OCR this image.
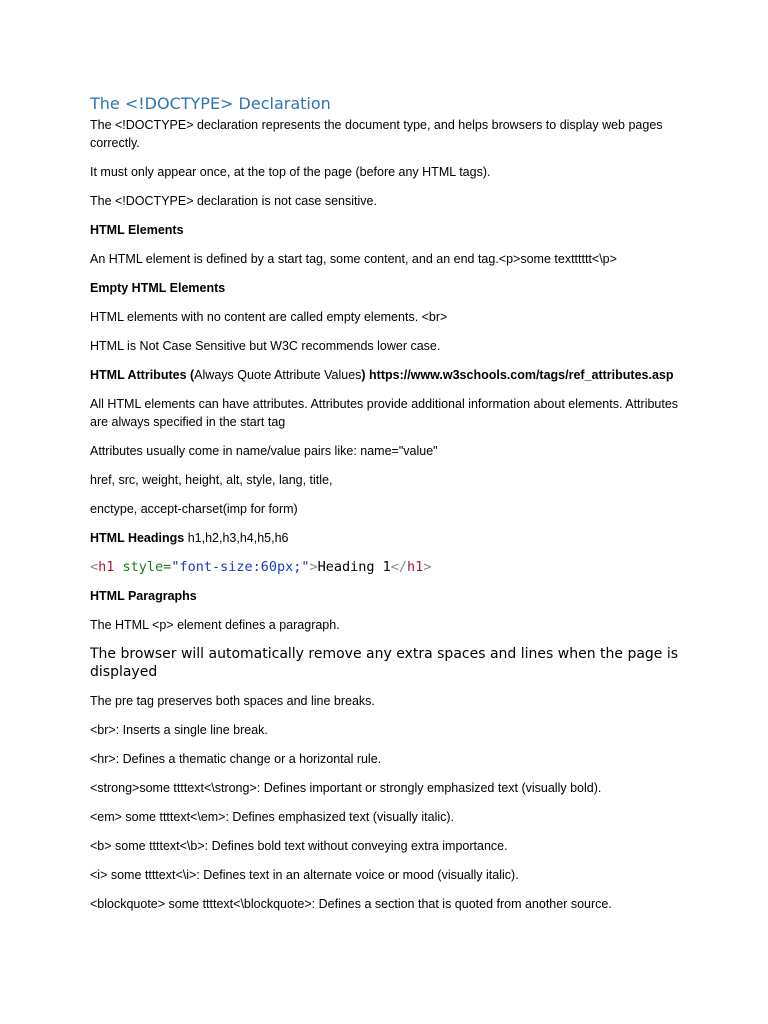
The <!DOCTYPE> Declaration

The <!DOCTYPE> declaration represents the document type, and helps browsers to display web pages correctly.

It must only appear once, at the top of the page (before any HTML tags).

The <!DOCTYPE> declaration is not case sensitive.

HTML Elements

An HTML element is defined by a start tag, some content, and an end tag.<p>some textttttt<\p>

Empty HTML Elements

HTML elements with no content are called empty elements. <br>

HTML is Not Case Sensitive but W3C recommends lower case.

HTML Attributes (Always Quote Attribute Values) https://www.w3schools.com/tags/ref_attributes.asp

All HTML elements can have attributes. Attributes provide additional information about elements. Attributes are always specified in the start tag

Attributes usually come in name/value pairs like: name="value"

href, src, weight, height, alt, style, lang, title,

enctype, accept-charset(imp for form)

HTML Headings h1,h2,h3,h4,h5,h6

<h1 style="font-size:60px;">Heading 1</h1>

HTML Paragraphs

The HTML <p> element defines a paragraph.

The browser will automatically remove any extra spaces and lines when the page is displayed

The pre tag preserves both spaces and line breaks.

<br>: Inserts a single line break.

<hr>: Defines a thematic change or a horizontal rule.

<strong>some ttttext<\strong>: Defines important or strongly emphasized text (visually bold).

<em> some ttttext<\em>: Defines emphasized text (visually italic).

<b> some ttttext<\b>: Defines bold text without conveying extra importance.

<i> some ttttext<\i>: Defines text in an alternate voice or mood (visually italic).

<blockquote> some ttttext<\blockquote>: Defines a section that is quoted from another source.
